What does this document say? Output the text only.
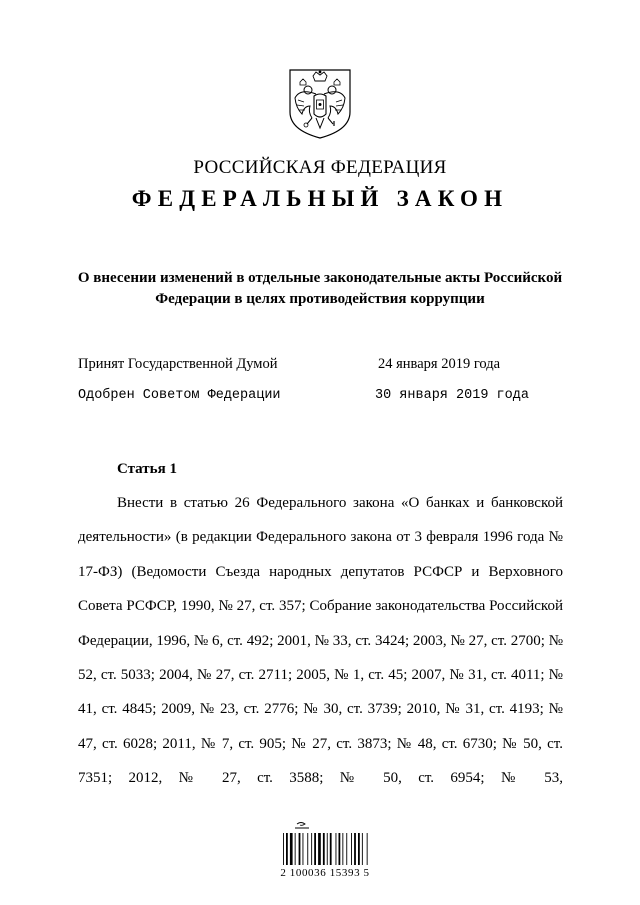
РОССИЙСКАЯ ФЕДЕРАЦИЯ
ФЕДЕРАЛЬНЫЙ ЗАКОН
О внесении изменений в отдельные законодательные акты Российской
Федерации в целях противодействия коррупции
Принят Государственной Думой	24 января 2019 года
Одобрен Советом Федерации	30 января 2019 года
Статья 1
Внести в статью 26 Федерального закона «О банках и банковской деятельности» (в редакции Федерального закона от 3 февраля 1996 года № 17-ФЗ) (Ведомости Съезда народных депутатов РСФСР и Верховного Совета РСФСР, 1990, № 27, ст. 357; Собрание законодательства Российской Федерации, 1996, № 6, ст. 492; 2001, № 33, ст. 3424; 2003, № 27, ст. 2700; № 52, ст. 5033; 2004, № 27, ст. 2711; 2005, № 1, ст. 45; 2007, № 31, ст. 4011; № 41, ст. 4845; 2009, № 23, ст. 2776; № 30, ст. 3739; 2010, № 31, ст. 4193; № 47, ст. 6028; 2011, № 7, ст. 905; № 27, ст. 3873; № 48, ст. 6730; № 50, ст. 7351; 2012, № 27, ст. 3588; № 50, ст. 6954; № 53,
2 100036 15393 5
